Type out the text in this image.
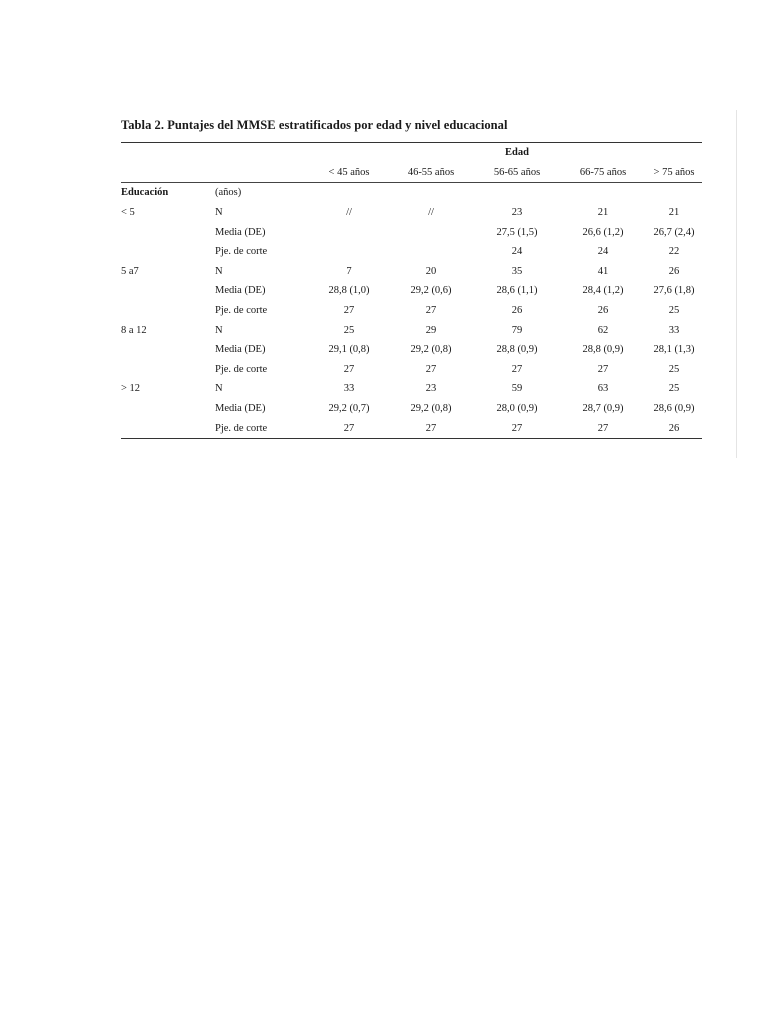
Tabla 2. Puntajes del MMSE estratificados por edad y nivel educacional
				Edad		
		< 45 años	46-55 años	56-65 años	66-75 años	> 75 años
Educación	(años)					
< 5	N	//	//	23	21	21
	Media (DE)			27,5 (1,5)	26,6 (1,2)	26,7 (2,4)
	Pje. de corte			24	24	22
5 a7	N	7	20	35	41	26
	Media (DE)	28,8 (1,0)	29,2 (0,6)	28,6 (1,1)	28,4 (1,2)	27,6 (1,8)
	Pje. de corte	27	27	26	26	25
8 a 12	N	25	29	79	62	33
	Media (DE)	29,1 (0,8)	29,2 (0,8)	28,8 (0,9)	28,8 (0,9)	28,1 (1,3)
	Pje. de corte	27	27	27	27	25
> 12	N	33	23	59	63	25
	Media (DE)	29,2 (0,7)	29,2 (0,8)	28,0 (0,9)	28,7 (0,9)	28,6 (0,9)
	Pje. de corte	27	27	27	27	26
